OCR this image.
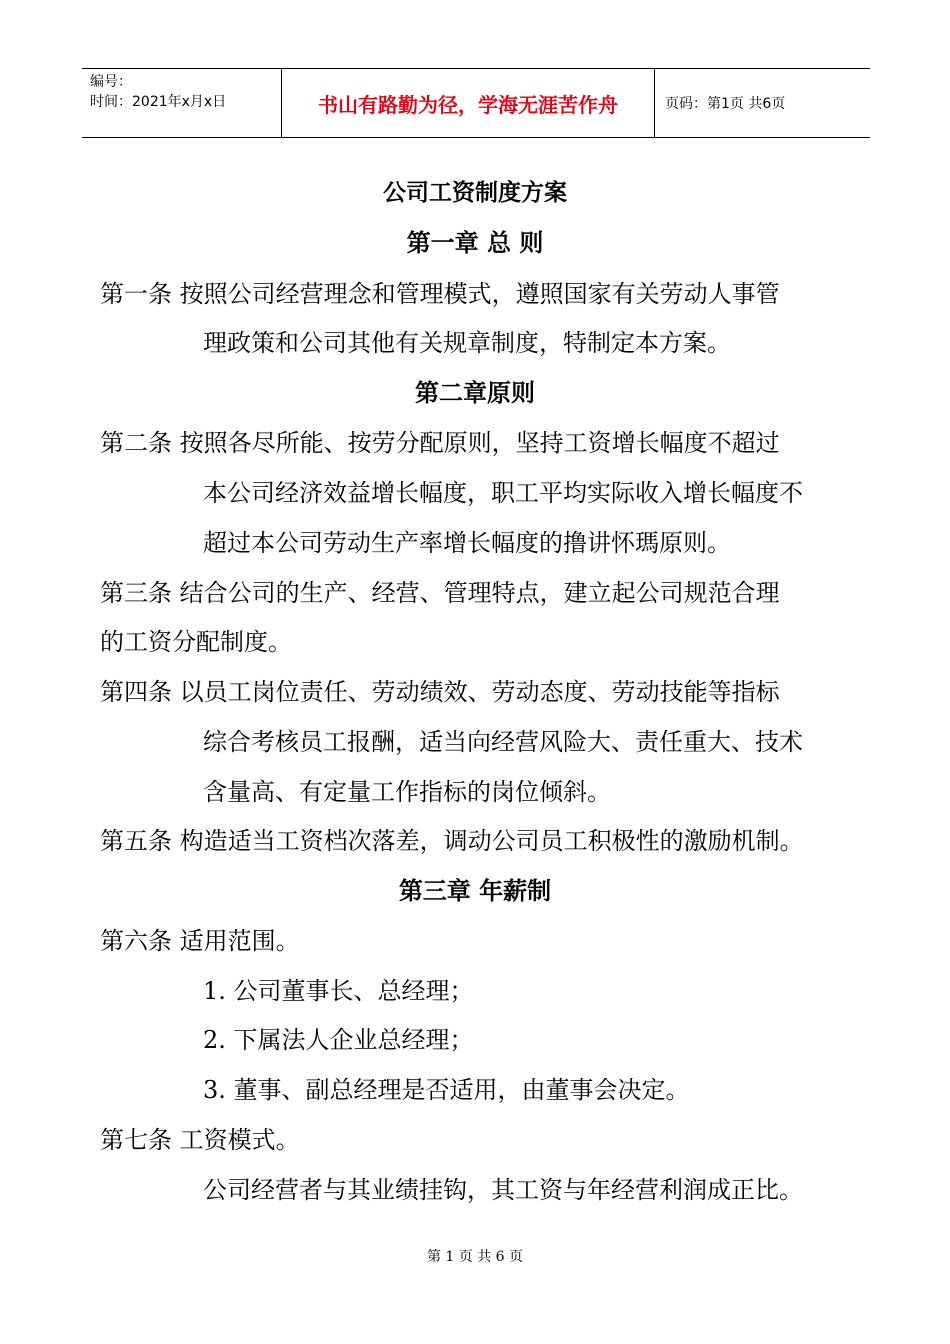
编号：
时间：2021年x月x日	书山有路勤为径，学海无涯苦作舟	页码：第1页 共6页
公司工资制度方案
第一章 总 则
第一条 按照公司经营理念和管理模式，遵照国家有关劳动人事管
理政策和公司其他有关规章制度，特制定本方案。
第二章原则
第二条 按照各尽所能、按劳分配原则，坚持工资增长幅度不超过
本公司经济效益增长幅度，职工平均实际收入增长幅度不
超过本公司劳动生产率增长幅度的撸讲怀瑪原则。
第三条 结合公司的生产、经营、管理特点，建立起公司规范合理
的工资分配制度。
第四条 以员工岗位责任、劳动绩效、劳动态度、劳动技能等指标
综合考核员工报酬，适当向经营风险大、责任重大、技术
含量高、有定量工作指标的岗位倾斜。
第五条 构造适当工资档次落差，调动公司员工积极性的激励机制。
第三章 年薪制
第六条 适用范围。
1. 公司董事长、总经理；
2. 下属法人企业总经理；
3. 董事、副总经理是否适用，由董事会决定。
第七条 工资模式。
公司经营者与其业绩挂钩，其工资与年经营利润成正比。
第 1 页 共 6 页
